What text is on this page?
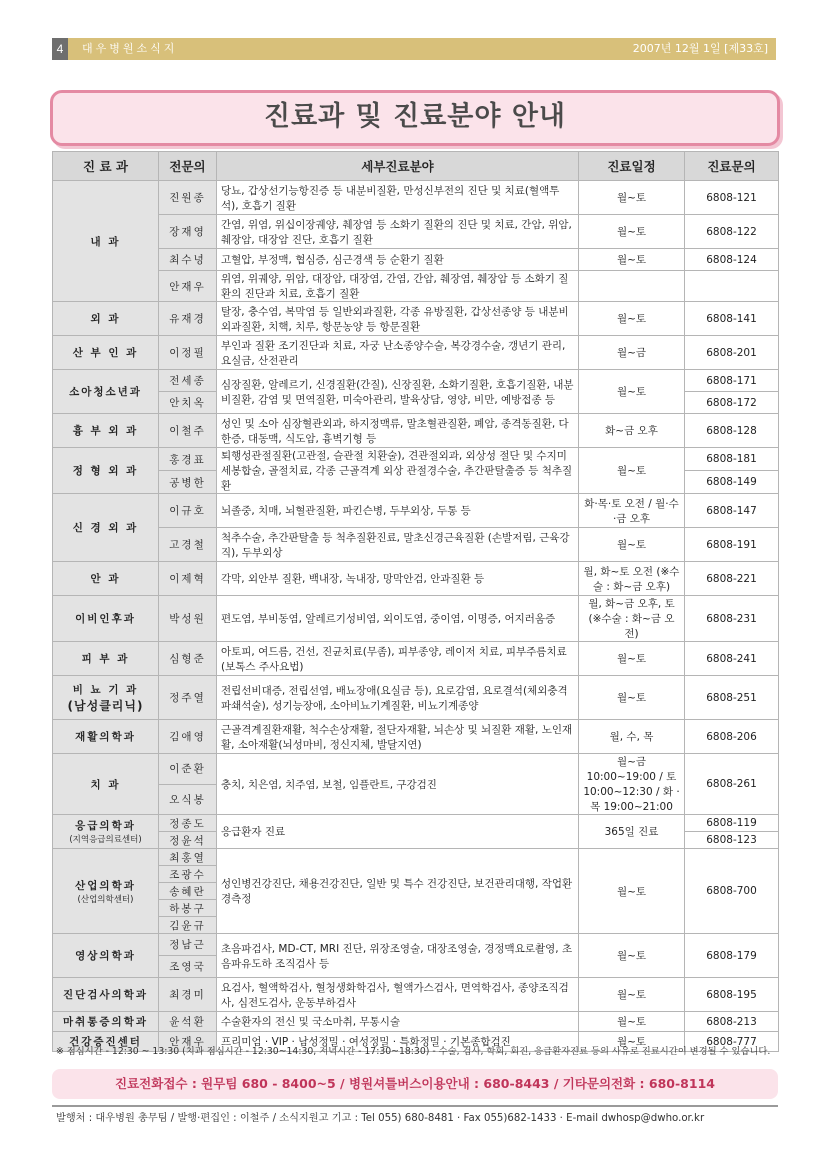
4	대우병원소식지	2007년 12월 1일 [제33호]
진료과 및 진료분야 안내
진 료 과	전문의	세부진료분야	진료일정	진료문의
내 과	진원종	당뇨, 갑상선기능항진증 등 내분비질환, 만성신부전의 진단 및 치료(혈액투석), 호흡기 질환	월~토	6808-121
	장재영	간염, 위염, 위십이장궤양, 췌장염 등 소화기 질환의 진단 및 치료, 간암, 위암, 췌장암, 대장암 진단, 호흡기 질환	월~토	6808-122
	최수녕	고혈압, 부정맥, 협심증, 심근경색 등 순환기 질환	월~토	6808-124
	안재우	위염, 위궤양, 위암, 대장암, 대장염, 간염, 간암, 췌장염, 췌장암 등 소화기 질환의 진단과 치료, 호흡기 질환		
외 과	유재경	탈장, 충수염, 복막염 등 일반외과질환, 각종 유방질환, 갑상선종양 등 내분비외과질환, 치핵, 치루, 항문농양 등 항문질환	월~토	6808-141
산 부 인 과	이정필	부인과 질환 조기진단과 치료, 자궁 난소종양수술, 복강경수술, 갱년기 관리, 요실금, 산전관리	월~금	6808-201
소아청소년과	전세종	심장질환, 알레르기, 신경질환(간질), 신장질환, 소화기질환, 호흡기질환, 내분비질환, 감염 및 면역질환, 미숙아관리, 발육상담, 영양, 비만, 예방접종 등	월~토	6808-171
	안치옥			6808-172
흉 부 외 과	이철주	성인 및 소아 심장혈관외과, 하지정맥류, 말초혈관질환, 폐암, 종격동질환, 다한증, 대동맥, 식도암, 흉벽기형 등	화~금 오후	6808-128
정 형 외 과	홍경표	퇴행성관절질환(고관절, 슬관절 치환술), 견관절외과, 외상성 절단 및 수지미세봉합술, 골절치료, 각종 근골격계 외상 관절경수술, 추간판탈출증 등 척추질환	월~토	6808-181
	공병한			6808-149
신 경 외 과	이규호	뇌졸중, 치매, 뇌혈관질환, 파킨슨병, 두부외상, 두통 등	화·목·토 오전 / 월·수·금 오후	6808-147
	고경철	척추수술, 추간판탈출 등 척추질환진료, 말초신경근육질환 (손발저림, 근육강직), 두부외상	월~토	6808-191
안 과	이제혁	각막, 외안부 질환, 백내장, 녹내장, 망막안검, 안과질환 등	월, 화~토 오전 (※수술 : 화~금 오후)	6808-221
이비인후과	박성원	편도염, 부비동염, 알레르기성비염, 외이도염, 중이염, 이명증, 어지러움증	월, 화~금 오후, 토 (※수술 : 화~금 오전)	6808-231
피 부 과	심형준	아토피, 여드름, 건선, 진균치료(무좀), 피부종양, 레이저 치료, 피부주름치료(보톡스 주사요법)	월~토	6808-241
비 뇨 기 과
(남성클리닉)	정주열	전립선비대증, 전립선염, 배뇨장애(요실금 등), 요로감염, 요로결석(체외충격파쇄석술), 성기능장애, 소아비뇨기계질환, 비뇨기계종양	월~토	6808-251
재활의학과	김애영	근골격계질환재활, 척수손상재활, 절단자재활, 뇌손상 및 뇌질환 재활, 노인재활, 소아재활(뇌성마비, 정신지체, 발달지연)	월, 수, 목	6808-206
치 과	이준환	충치, 치은염, 치주염, 보철, 임플란트, 구강검진	월~금 10:00~19:00 / 토 10:00~12:30 / 화 · 목 19:00~21:00	6808-261
	오식봉			
응급의학과
(지역응급의료센터)	정종도	응급환자 진료	365일 진료	6808-119
	정윤석			6808-123
산업의학과
(산업의학센터)	최홍열	성인병건강진단, 채용건강진단, 일반 및 특수 건강진단, 보건관리대행, 작업환경측정	월~토	6808-700
	조광수			
	송혜란			
	하봉구			
	김윤규			
영상의학과	정남근	초음파검사, MD-CT, MRI 진단, 위장조영술, 대장조영술, 경정맥요로촬영, 초음파유도하 조직검사 등	월~토	6808-179
	조영국			
진단검사의학과	최경미	요검사, 혈액학검사, 혈청생화학검사, 혈액가스검사, 면역학검사, 종양조직검사, 심전도검사, 운동부하검사	월~토	6808-195
마취통증의학과	윤석환	수술환자의 전신 및 국소마취, 무통시술	월~토	6808-213
건강증진센터	안재우	프리미엄 · VIP · 남성정밀 · 여성정밀 · 특화정밀 · 기본종합검진	월~토	6808-777
※ 점심시간 - 12:30 ~ 13:30 (치과 점심시간 - 12:30~14:30, 저녁시간 - 17:30~18:30) - 수술, 검사, 학회, 회진, 응급환자진료 등의 사유로 진료시간이 변경될 수 있습니다.
진료전화접수 : 원무팀 680 - 8400~5 / 병원셔틀버스이용안내 : 680-8443 / 기타문의전화 : 680-8114
발행처 : 대우병원 총무팀 / 발행·편집인 : 이철주 / 소식지원고 기고 : Tel 055) 680-8481 · Fax 055)682-1433 · E-mail dwhosp@dwho.or.kr
